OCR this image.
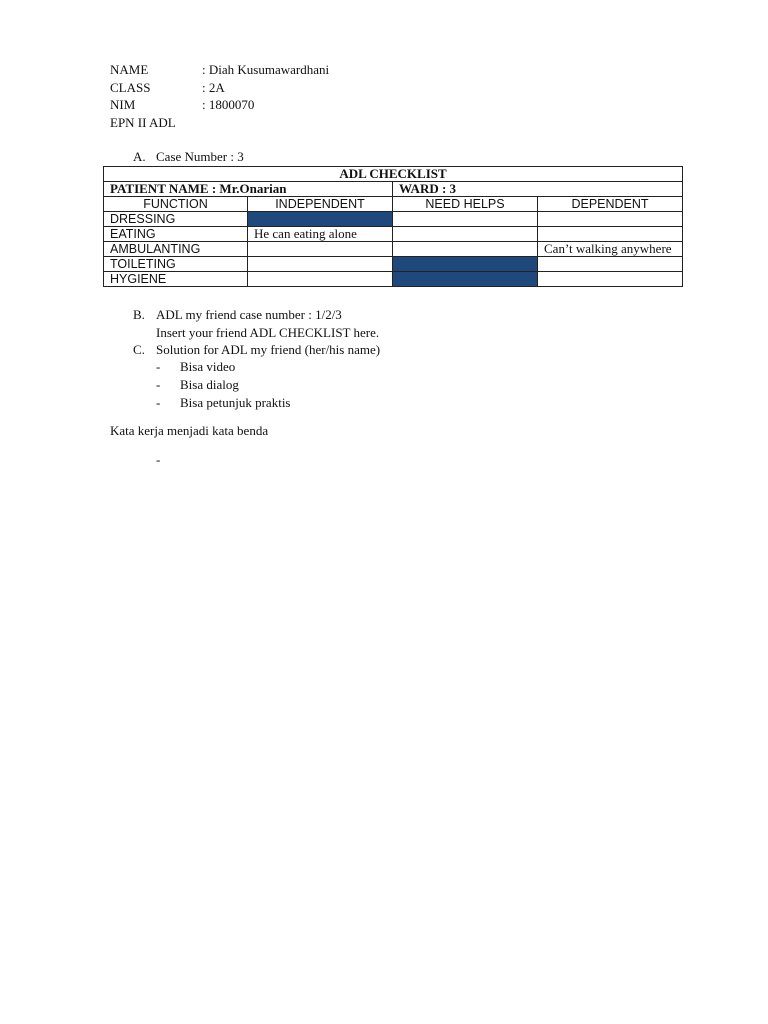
NAME	: Diah Kusumawardhani
CLASS	: 2A
NIM	: 1800070
EPN II ADL
A. Case Number : 3
ADL CHECKLIST			
PATIENT NAME : Mr.Onarian		WARD : 3	
FUNCTION	INDEPENDENT	NEED HELPS	DEPENDENT
DRESSING			
EATING	He can eating alone		
AMBULANTING			Can’t walking anywhere
TOILETING			
HYGIENE			
B. ADL my friend case number : 1/2/3
Insert your friend ADL CHECKLIST here.
C. Solution for ADL my friend (her/his name)
- Bisa video
- Bisa dialog
- Bisa petunjuk praktis
Kata kerja menjadi kata benda
-
